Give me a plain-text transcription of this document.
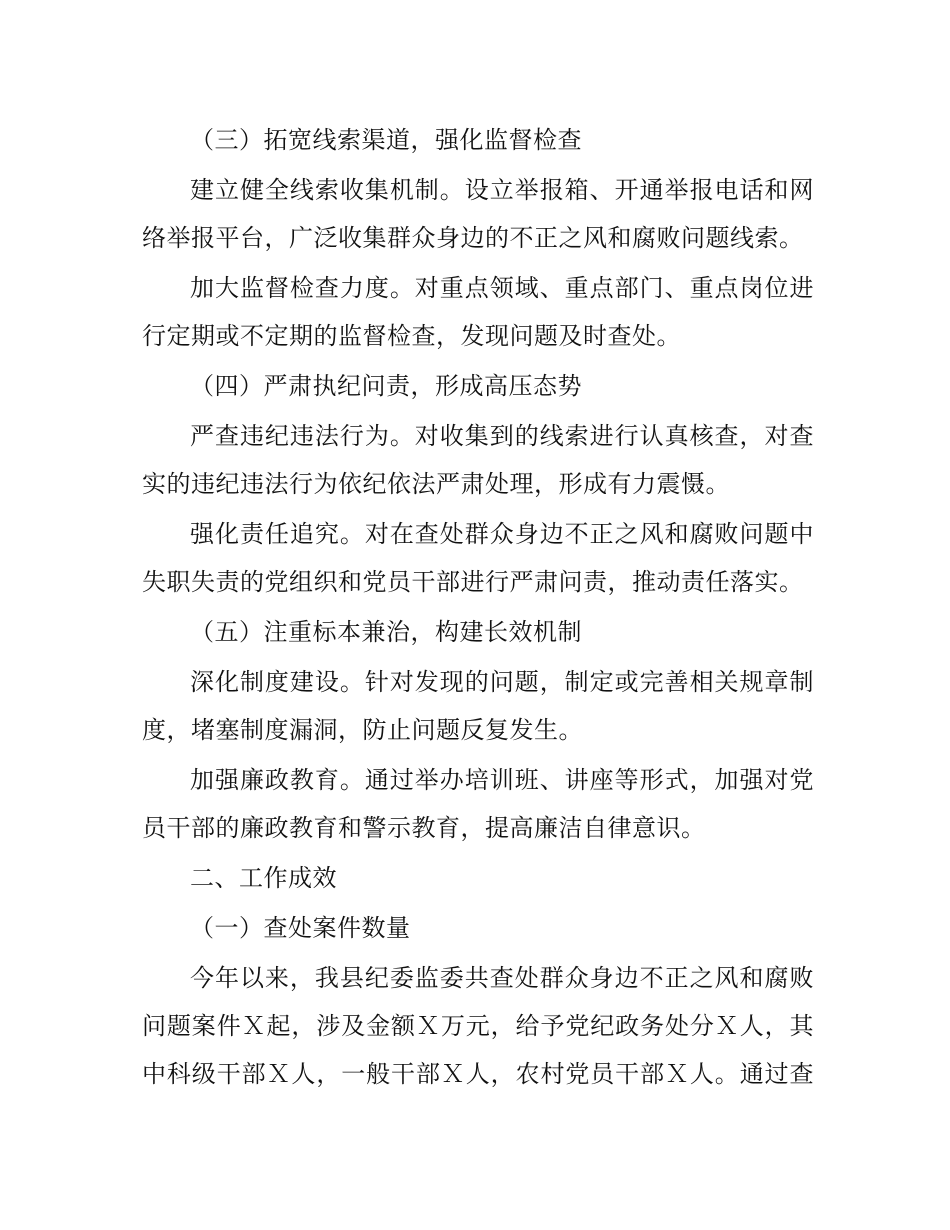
（三）拓宽线索渠道，强化监督检查
建立健全线索收集机制。设立举报箱、开通举报电话和网
络举报平台，广泛收集群众身边的不正之风和腐败问题线索。
加大监督检查力度。对重点领域、重点部门、重点岗位进
行定期或不定期的监督检查，发现问题及时查处。
（四）严肃执纪问责，形成高压态势
严查违纪违法行为。对收集到的线索进行认真核查，对查
实的违纪违法行为依纪依法严肃处理，形成有力震慑。
强化责任追究。对在查处群众身边不正之风和腐败问题中
失职失责的党组织和党员干部进行严肃问责，推动责任落实。
（五）注重标本兼治，构建长效机制
深化制度建设。针对发现的问题，制定或完善相关规章制
度，堵塞制度漏洞，防止问题反复发生。
加强廉政教育。通过举办培训班、讲座等形式，加强对党
员干部的廉政教育和警示教育，提高廉洁自律意识。
二、工作成效
（一）查处案件数量
今年以来，我县纪委监委共查处群众身边不正之风和腐败
问题案件Ｘ起，涉及金额Ｘ万元，给予党纪政务处分Ｘ人，其
中科级干部Ｘ人，一般干部Ｘ人，农村党员干部Ｘ人。通过查
